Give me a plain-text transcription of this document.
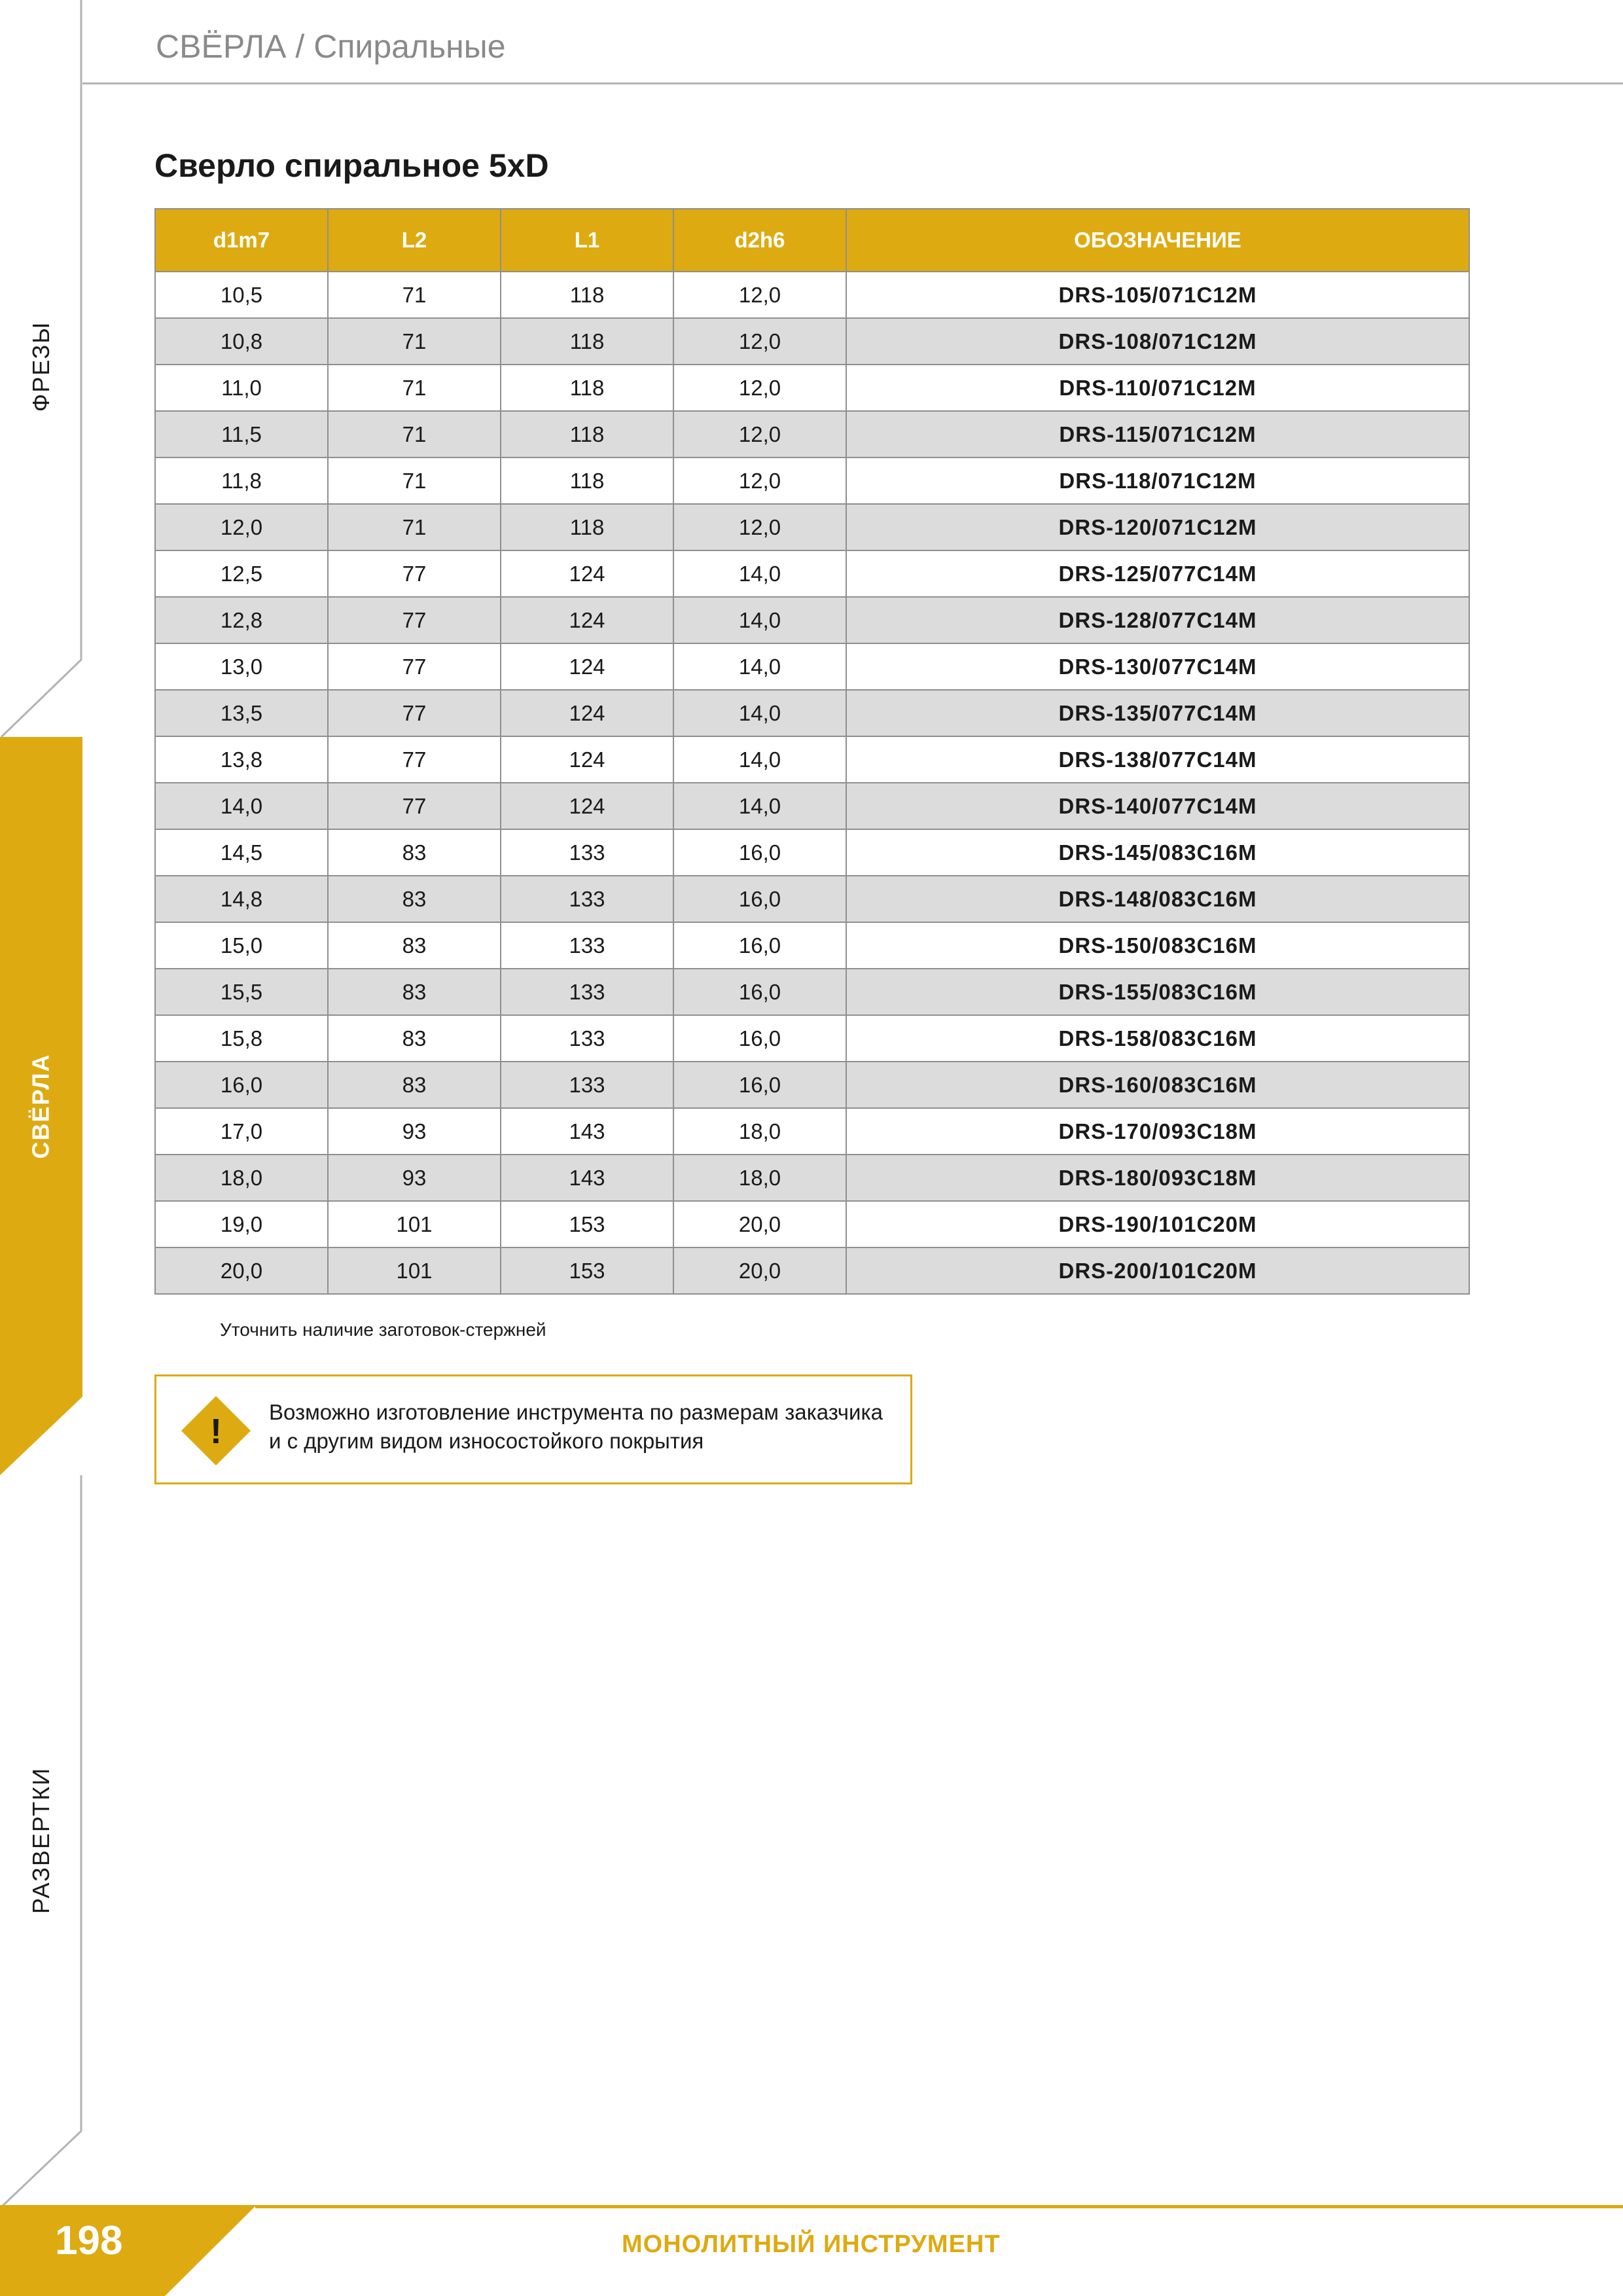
ФРЕЗЫ
СВЁРЛА
РАЗВЕРТКИ
СВЁРЛА / Спиральные
Сверло спиральное 5xD
d1m7	L2	L1	d2h6	ОБОЗНАЧЕНИЕ
10,5	71	118	12,0	DRS-105/071C12M
10,8	71	118	12,0	DRS-108/071C12M
11,0	71	118	12,0	DRS-110/071C12M
11,5	71	118	12,0	DRS-115/071C12M
11,8	71	118	12,0	DRS-118/071C12M
12,0	71	118	12,0	DRS-120/071C12M
12,5	77	124	14,0	DRS-125/077C14M
12,8	77	124	14,0	DRS-128/077C14M
13,0	77	124	14,0	DRS-130/077C14M
13,5	77	124	14,0	DRS-135/077C14M
13,8	77	124	14,0	DRS-138/077C14M
14,0	77	124	14,0	DRS-140/077C14M
14,5	83	133	16,0	DRS-145/083C16M
14,8	83	133	16,0	DRS-148/083C16M
15,0	83	133	16,0	DRS-150/083C16M
15,5	83	133	16,0	DRS-155/083C16M
15,8	83	133	16,0	DRS-158/083C16M
16,0	83	133	16,0	DRS-160/083C16M
17,0	93	143	18,0	DRS-170/093C18M
18,0	93	143	18,0	DRS-180/093C18M
19,0	101	153	20,0	DRS-190/101C20M
20,0	101	153	20,0	DRS-200/101C20M
Уточнить наличие заготовок-стержней
! Возможно изготовление инструмента по размерам заказчика
и с другим видом износостойкого покрытия
198	МОНОЛИТНЫЙ ИНСТРУМЕНТ
